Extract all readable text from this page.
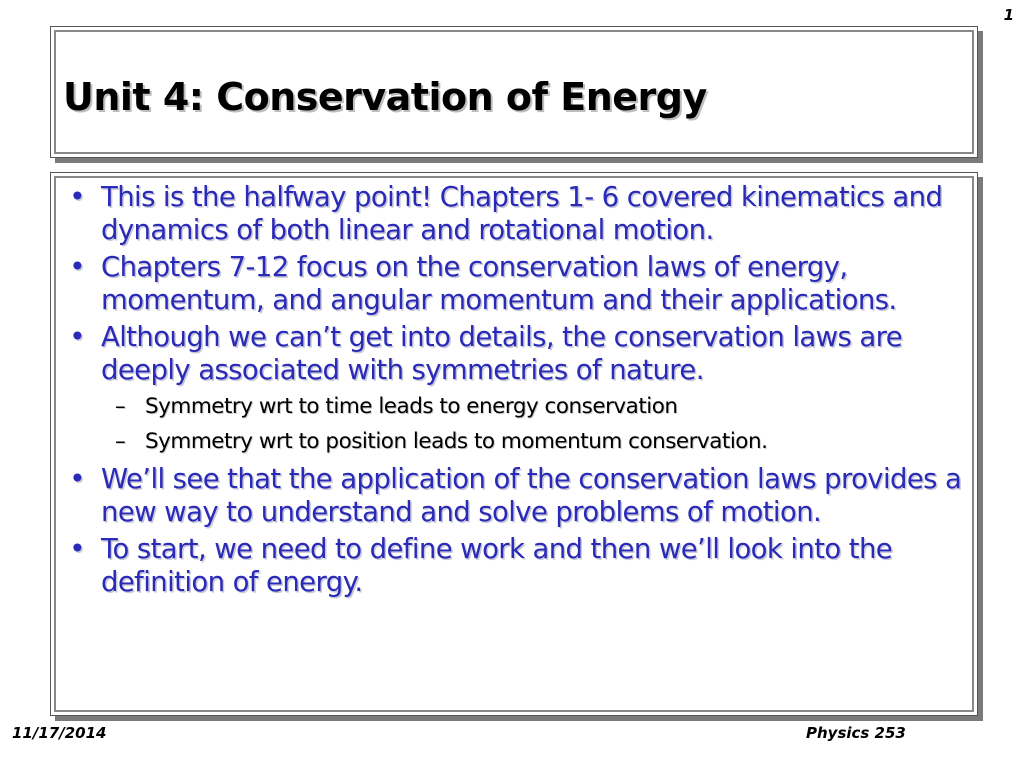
1
Unit 4: Conservation of Energy
• This is the halfway point! Chapters 1- 6 covered kinematics and dynamics of both linear and rotational motion.
• Chapters 7-12 focus on the conservation laws of energy, momentum, and angular momentum and their applications.
• Although we can’t get into details, the conservation laws are deeply associated with symmetries of nature.
– Symmetry wrt to time leads to energy conservation
– Symmetry wrt to position leads to momentum conservation.
• We’ll see that the application of the conservation laws provides a new way to understand and solve problems of motion.
• To start, we need to define work and then we’ll look into the definition of energy.
11/17/2014	Physics 253
